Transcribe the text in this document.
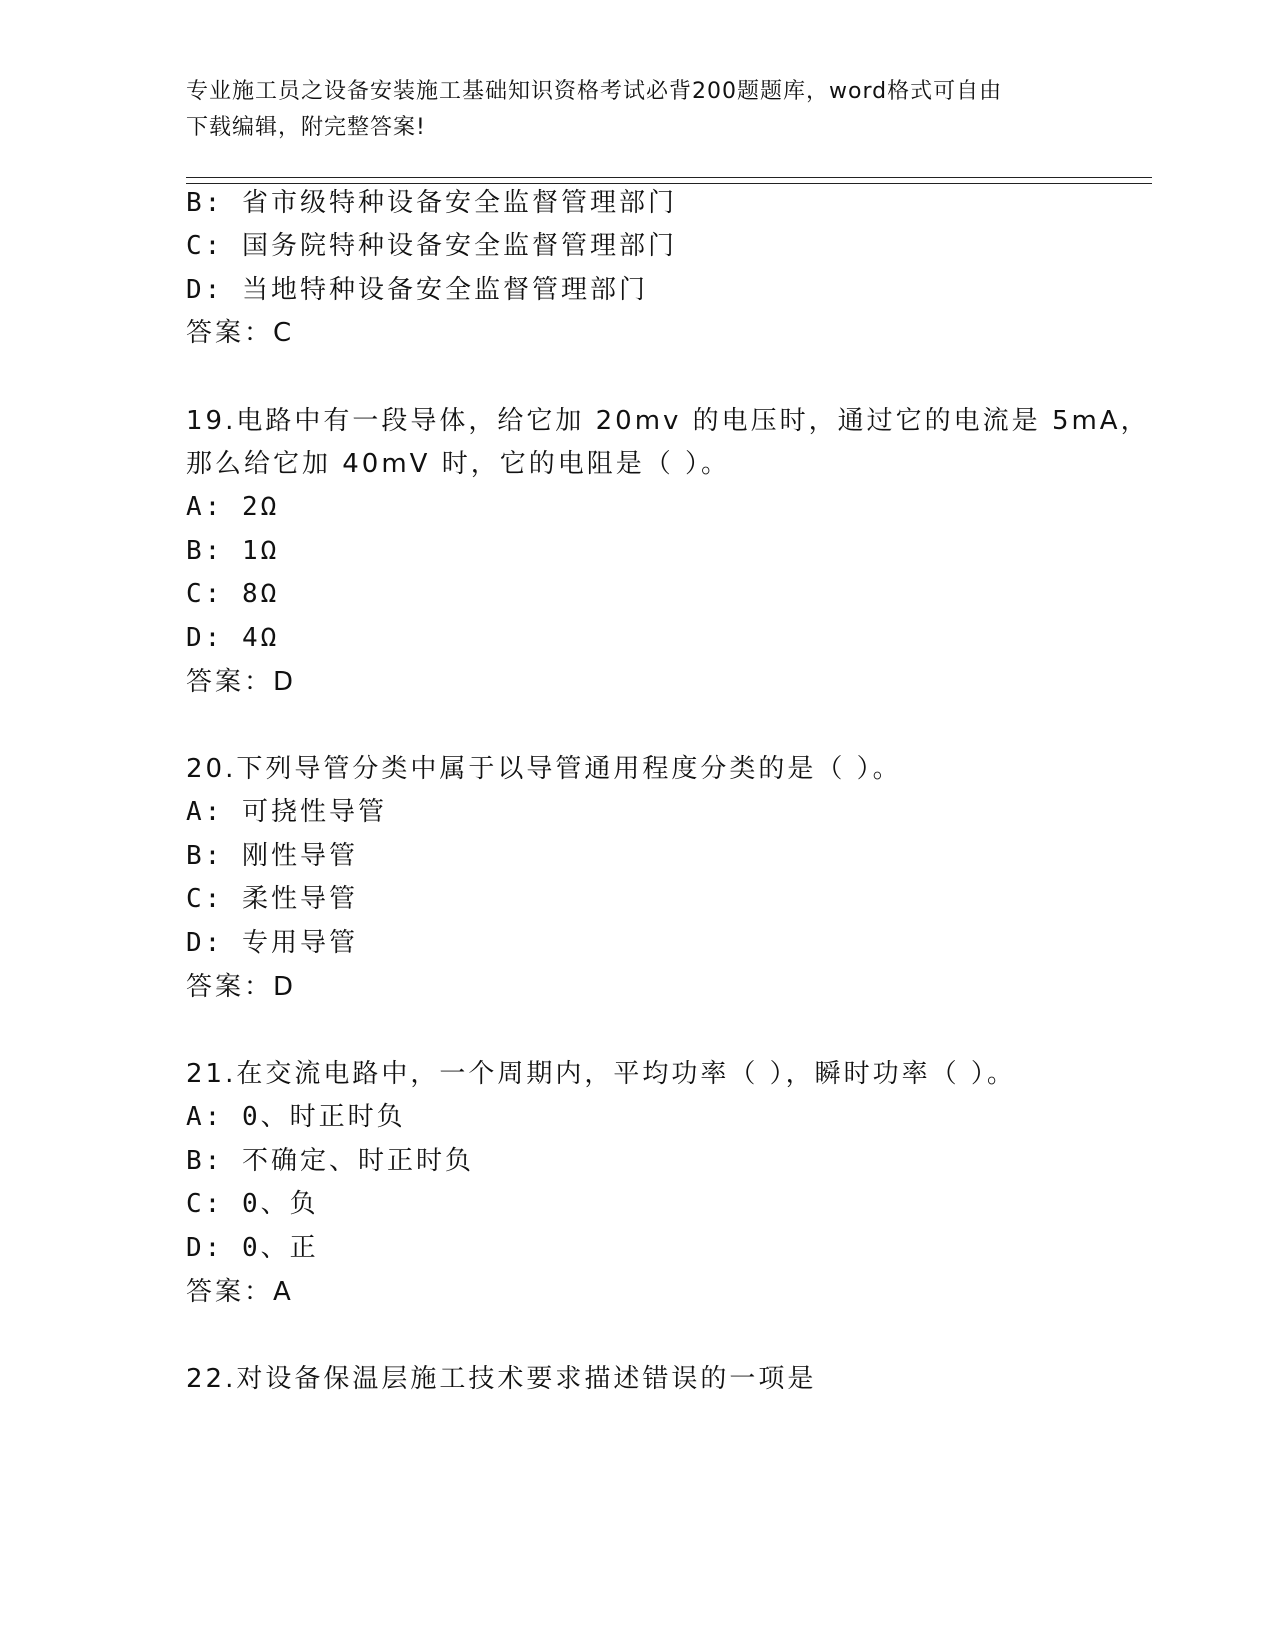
专业施工员之设备安装施工基础知识资格考试必背200题题库，word格式可自由
下载编辑，附完整答案!
B: 省市级特种设备安全监督管理部门
C: 国务院特种设备安全监督管理部门
D: 当地特种设备安全监督管理部门
答案：C
19.电路中有一段导体，给它加 20mv 的电压时，通过它的电流是 5mA，
那么给它加 40mV 时，它的电阻是（ ）。
A: 2Ω
B: 1Ω
C: 8Ω
D: 4Ω
答案：D
20.下列导管分类中属于以导管通用程度分类的是（ ）。
A: 可挠性导管
B: 刚性导管
C: 柔性导管
D: 专用导管
答案：D
21.在交流电路中，一个周期内，平均功率（ ），瞬时功率（ ）。
A: 0、时正时负
B: 不确定、时正时负
C: 0、负
D: 0、正
答案：A
22.对设备保温层施工技术要求描述错误的一项是
